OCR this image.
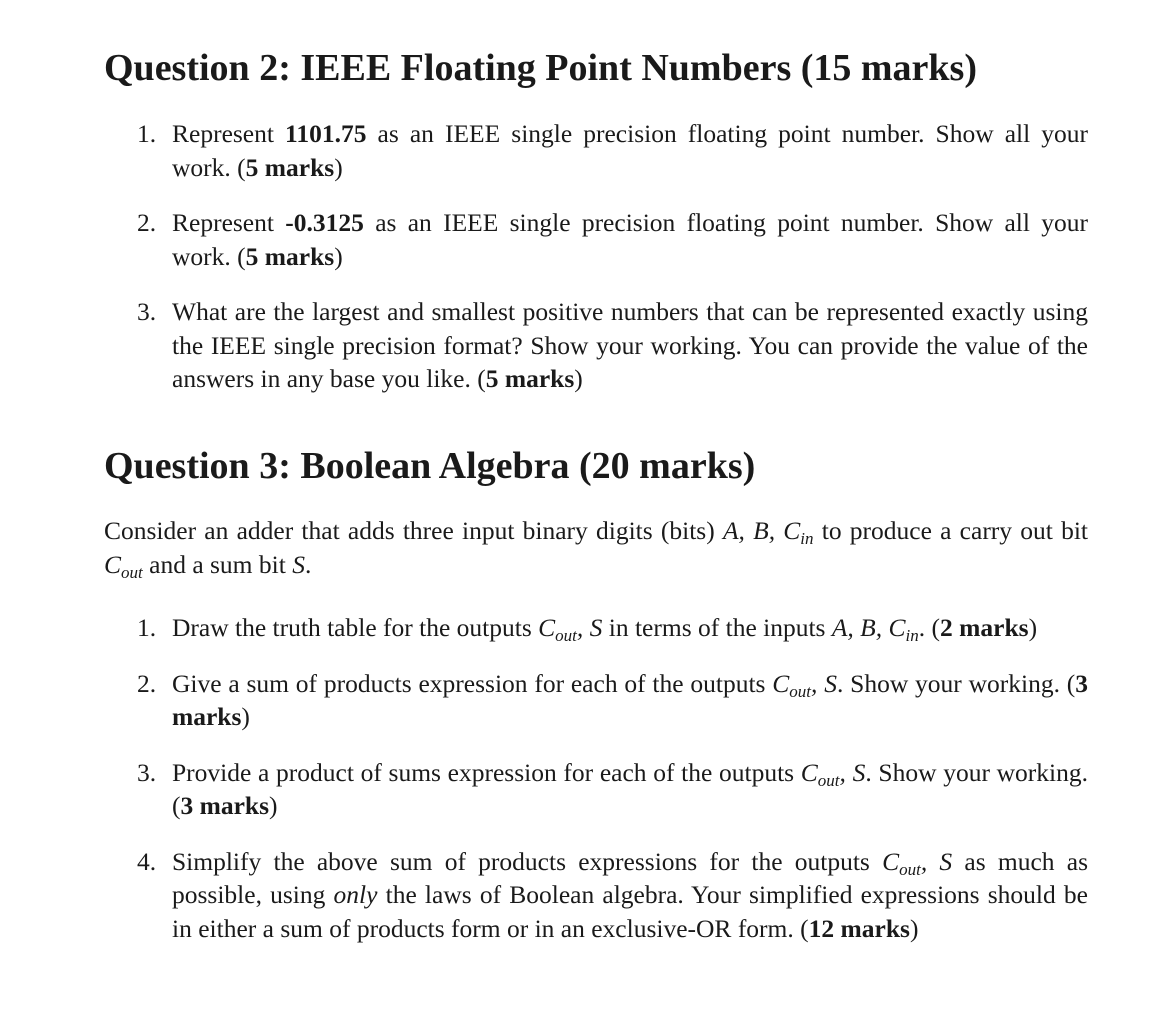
Question 2: IEEE Floating Point Numbers (15 marks)
1. Represent 1101.75 as an IEEE single precision floating point number. Show all your work. (5 marks)
2. Represent -0.3125 as an IEEE single precision floating point number. Show all your work. (5 marks)
3. What are the largest and smallest positive numbers that can be represented exactly using the IEEE single precision format? Show your working. You can provide the value of the answers in any base you like. (5 marks)
Question 3: Boolean Algebra (20 marks)

Consider an adder that adds three input binary digits (bits) A, B, $C_{in}$ to produce a carry out bit $C_{out}$ and a sum bit S.

1. Draw the truth table for the outputs $C_{out}$, S in terms of the inputs A, B, $C_{in}$. (2 marks)
2. Give a sum of products expression for each of the outputs $C_{out}$, S. Show your working. (3 marks)
3. Provide a product of sums expression for each of the outputs $C_{out}$, S. Show your working. (3 marks)
4. Simplify the above sum of products expressions for the outputs $C_{out}$, S as much as possible, using only the laws of Boolean algebra. Your simplified expressions should be in either a sum of products form or in an exclusive-OR form. (12 marks)
